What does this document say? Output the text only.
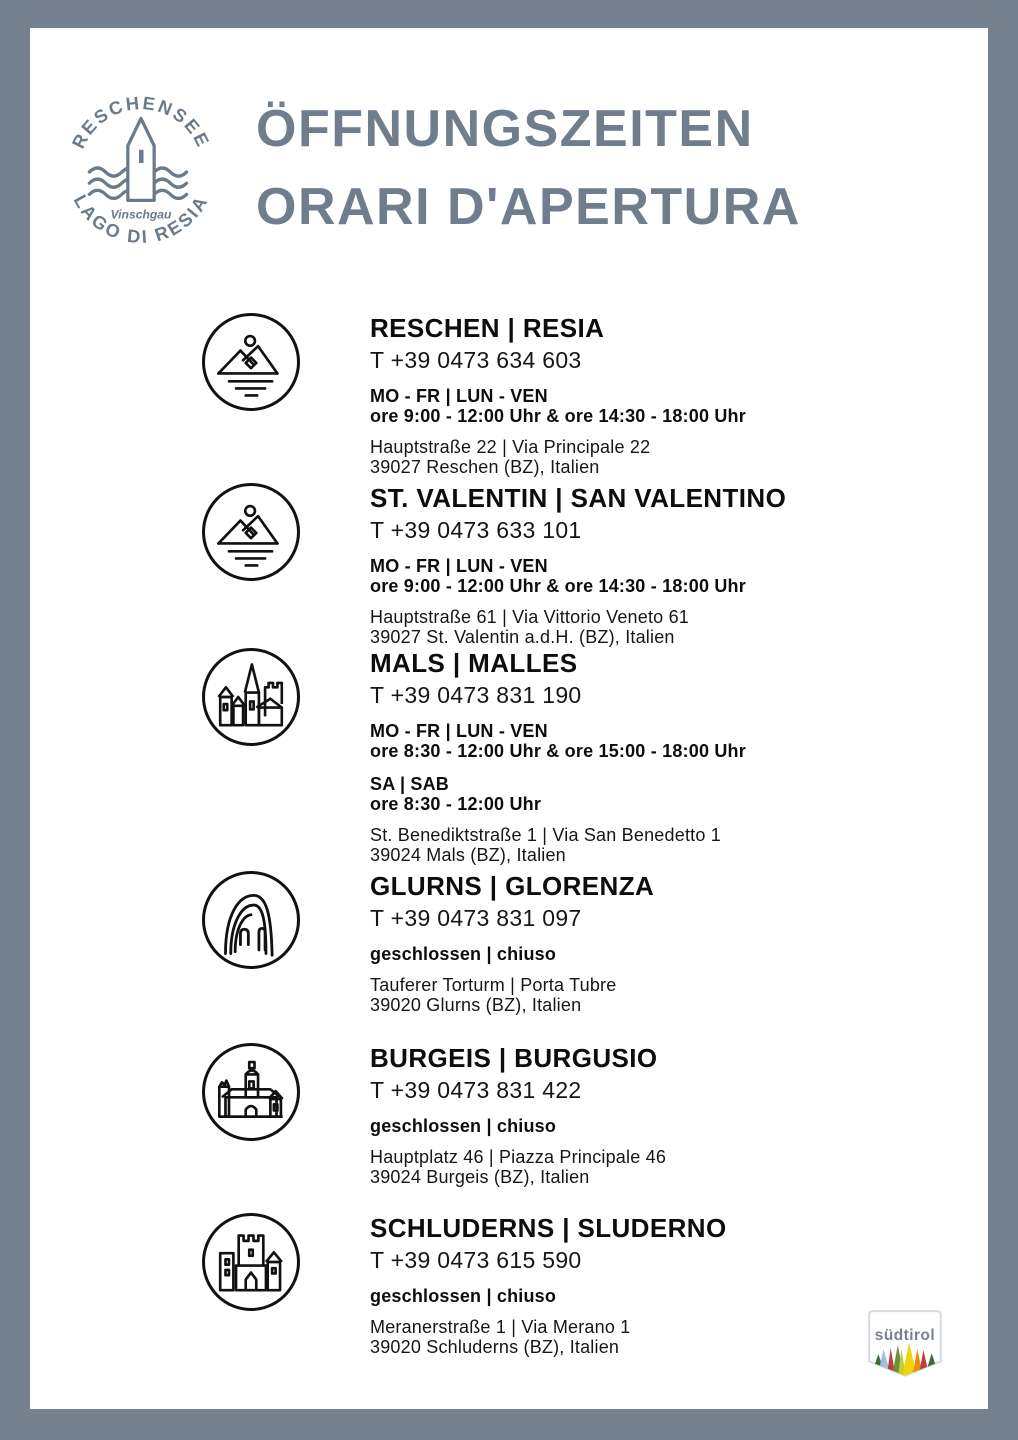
RESCHENSEE
LAGO DI RESIA
Vinschgau
ÖFFNUNGSZEITEN
ORARI D'APERTURA
RESCHEN | RESIA
T +39 0473 634 603
MO - FR | LUN - VEN
ore 9:00 - 12:00 Uhr & ore 14:30 - 18:00 Uhr
Hauptstraße 22 | Via Principale 22
39027 Reschen (BZ), Italien
ST. VALENTIN | SAN VALENTINO
T +39 0473 633 101
MO - FR | LUN - VEN
ore 9:00 - 12:00 Uhr & ore 14:30 - 18:00 Uhr
Hauptstraße 61 | Via Vittorio Veneto 61
39027 St. Valentin a.d.H. (BZ), Italien
MALS | MALLES
T +39 0473 831 190
MO - FR | LUN - VEN
ore 8:30 - 12:00 Uhr & ore 15:00 - 18:00 Uhr
SA | SAB
ore 8:30 - 12:00 Uhr
St. Benediktstraße 1 | Via San Benedetto 1
39024 Mals (BZ), Italien
GLURNS | GLORENZA
T +39 0473 831 097
geschlossen | chiuso
Tauferer Torturm | Porta Tubre
39020 Glurns (BZ), Italien
BURGEIS | BURGUSIO
T +39 0473 831 422
geschlossen | chiuso
Hauptplatz 46 | Piazza Principale 46
39024 Burgeis (BZ), Italien
SCHLUDERNS | SLUDERNO
T +39 0473 615 590
geschlossen | chiuso
Meranerstraße 1 | Via Merano 1
39020 Schluderns (BZ), Italien
südtirol
